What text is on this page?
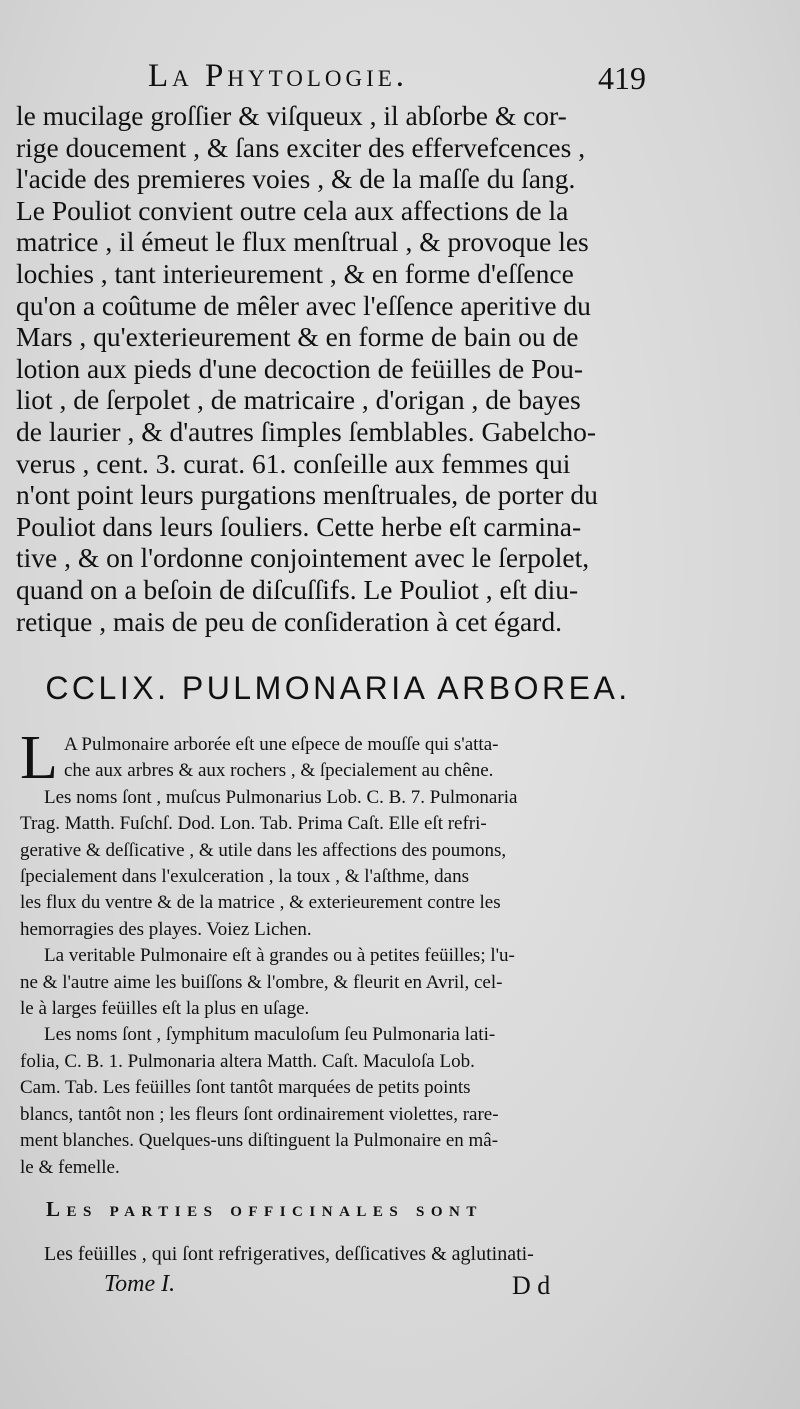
La Phytologie.	419
le mucilage groſſier & viſqueux , il abſorbe & cor-
rige doucement , & ſans exciter des effervefcences ,
l'acide des premieres voies , & de la maſſe du ſang.
Le Pouliot convient outre cela aux affections de la
matrice , il émeut le flux menſtrual , & provoque les
lochies , tant interieurement , & en forme d'eſſence
qu'on a coûtume de mêler avec l'eſſence aperitive du
Mars , qu'exterieurement & en forme de bain ou de
lotion aux pieds d'une decoction de feüilles de Pou-
liot , de ſerpolet , de matricaire , d'origan , de bayes
de laurier , & d'autres ſimples ſemblables. Gabelcho-
verus , cent. 3. curat. 61. conſeille aux femmes qui
n'ont point leurs purgations menſtruales, de porter du
Pouliot dans leurs ſouliers. Cette herbe eſt carmina-
tive , & on l'ordonne conjointement avec le ſerpolet,
quand on a beſoin de diſcuſſifs. Le Pouliot , eſt diu-
retique , mais de peu de conſideration à cet égard.
CCLIX. PULMONARIA ARBOREA.
L A Pulmonaire arborée eſt une eſpece de mouſſe qui s'atta-
che aux arbres & aux rochers , & ſpecialement au chêne.
Les noms ſont , muſcus Pulmonarius Lob. C. B. 7. Pulmonaria
Trag. Matth. Fuſchſ. Dod. Lon. Tab. Prima Caſt. Elle eſt refri-
gerative & deſſicative , & utile dans les affections des poumons,
ſpecialement dans l'exulceration , la toux , & l'aſthme, dans
les flux du ventre & de la matrice , & exterieurement contre les
hemorragies des playes. Voiez Lichen.
La veritable Pulmonaire eſt à grandes ou à petites feüilles; l'u-
ne & l'autre aime les buiſſons & l'ombre, & fleurit en Avril, cel-
le à larges feüilles eſt la plus en uſage.
Les noms ſont , ſymphitum maculoſum ſeu Pulmonaria lati-
folia, C. B. 1. Pulmonaria altera Matth. Caſt. Maculoſa Lob.
Cam. Tab. Les feüilles ſont tantôt marquées de petits points
blancs, tantôt non ; les fleurs ſont ordinairement violettes, rare-
ment blanches. Quelques-uns diſtinguent la Pulmonaire en mâ-
le & femelle.
Les parties officinales sont
Les feüilles , qui ſont refrigeratives, deſſicatives & aglutinati-
Tome I.	D d
